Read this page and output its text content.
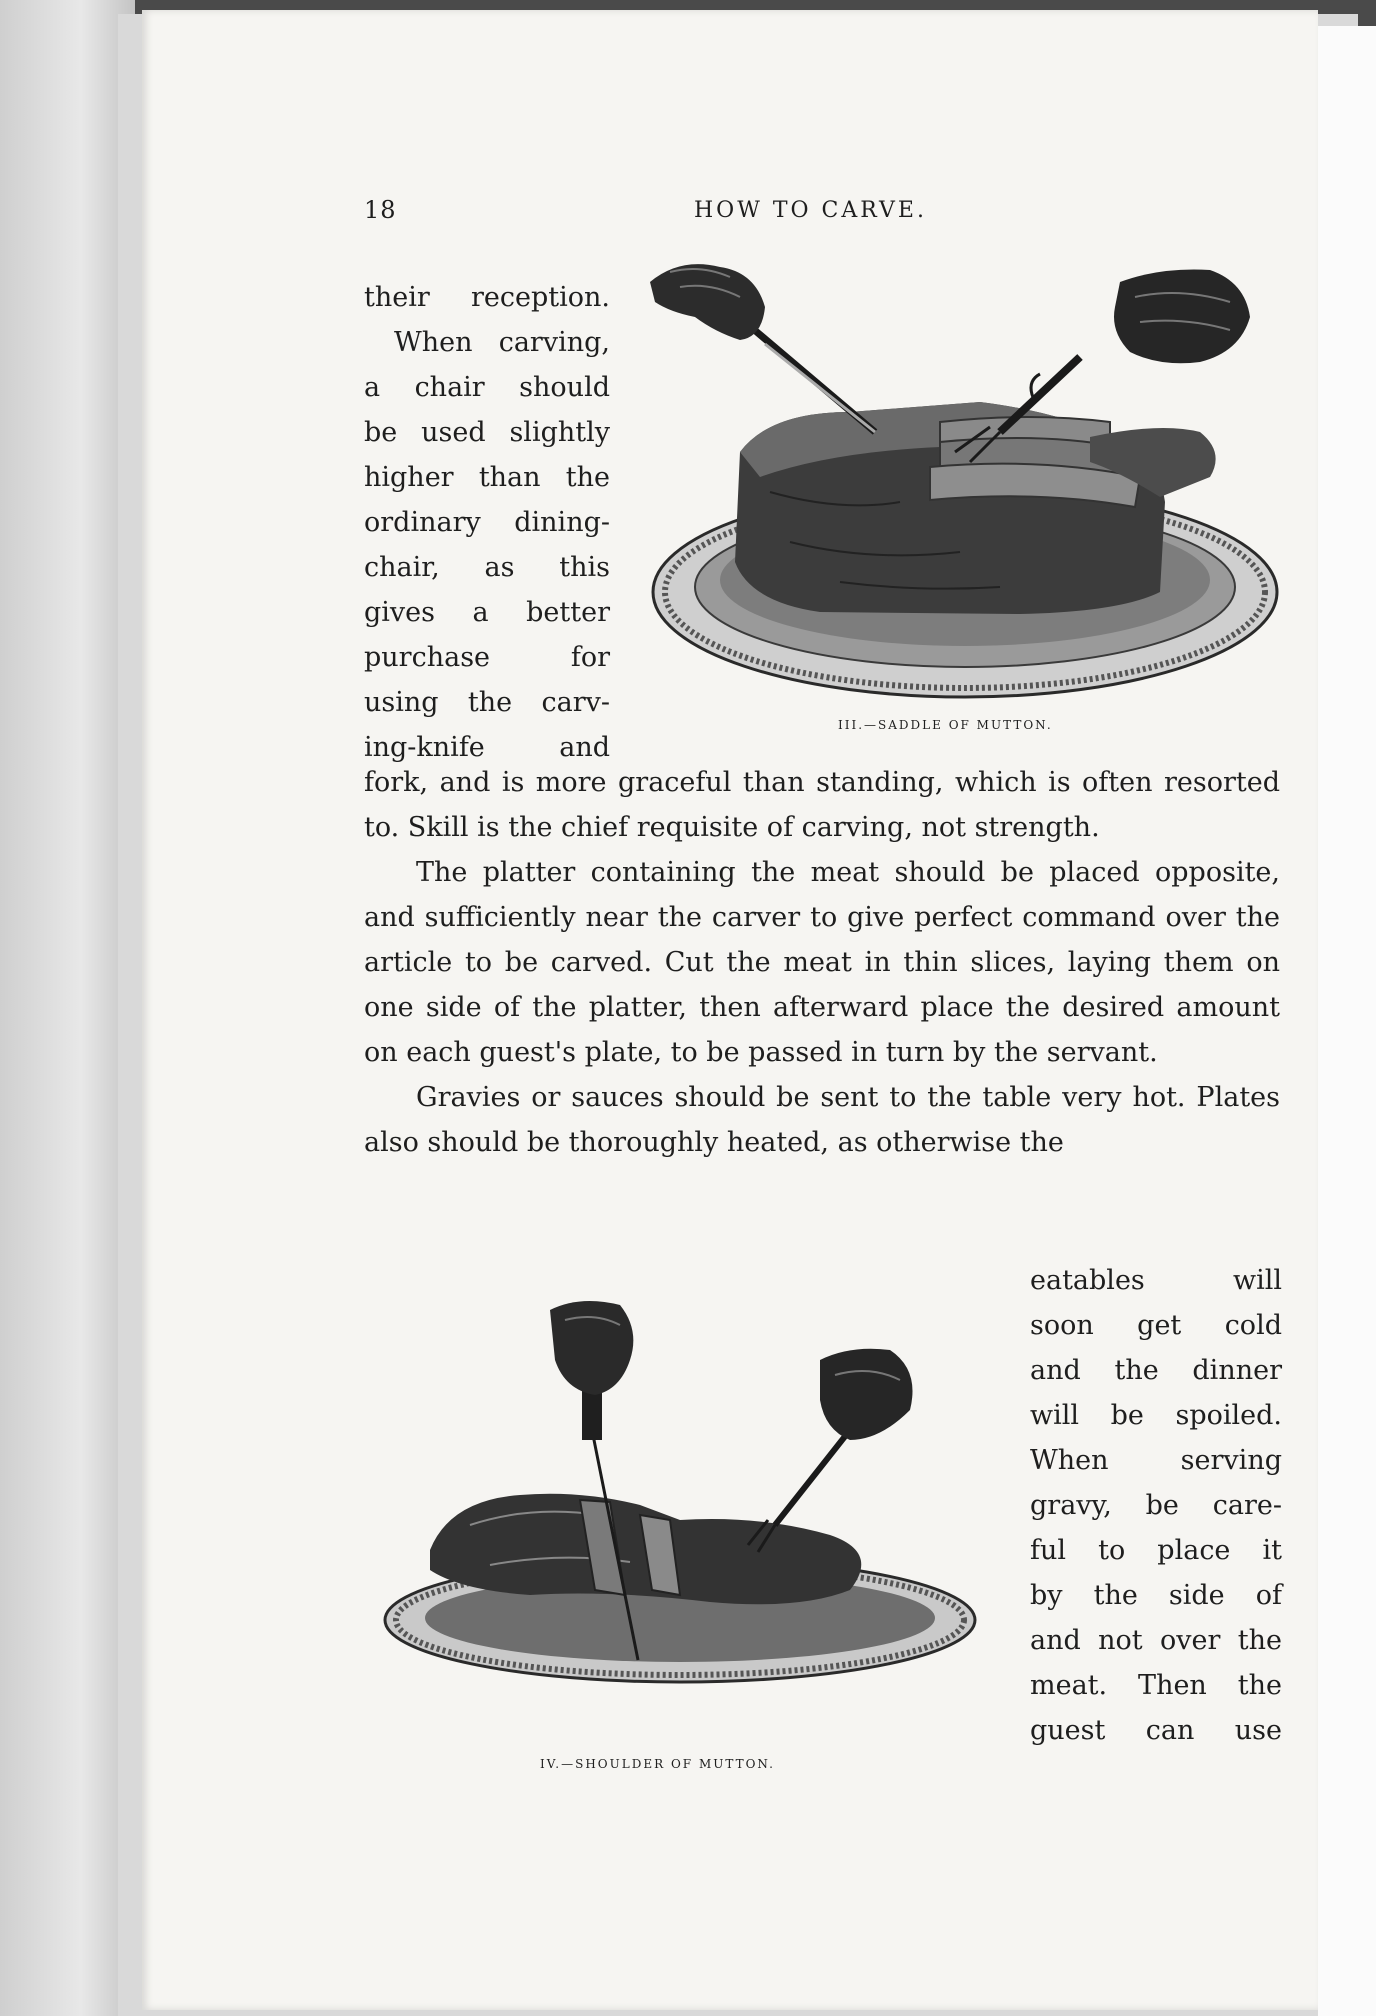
18	HOW TO CARVE.
their reception.
When carving,
a chair should
be used slightly
higher than the
ordinary dining-
chair, as this
gives a better
purchase for
using the carv-
ing-knife and
III.—SADDLE OF MUTTON.

fork, and is more graceful than standing, which is often resorted to. Skill is the chief requisite of carving, not strength.

The platter containing the meat should be placed opposite, and sufficiently near the carver to give perfect command over the article to be carved. Cut the meat in thin slices, laying them on one side of the platter, then afterward place the desired amount on each guest's plate, to be passed in turn by the servant.

Gravies or sauces should be sent to the table very hot. Plates also should be thoroughly heated, as otherwise the

IV.—SHOULDER OF MUTTON.
eatables will
soon get cold
and the dinner
will be spoiled.
When serving
gravy, be care-
ful to place it
by the side of
and not over the
meat. Then the
guest can use
